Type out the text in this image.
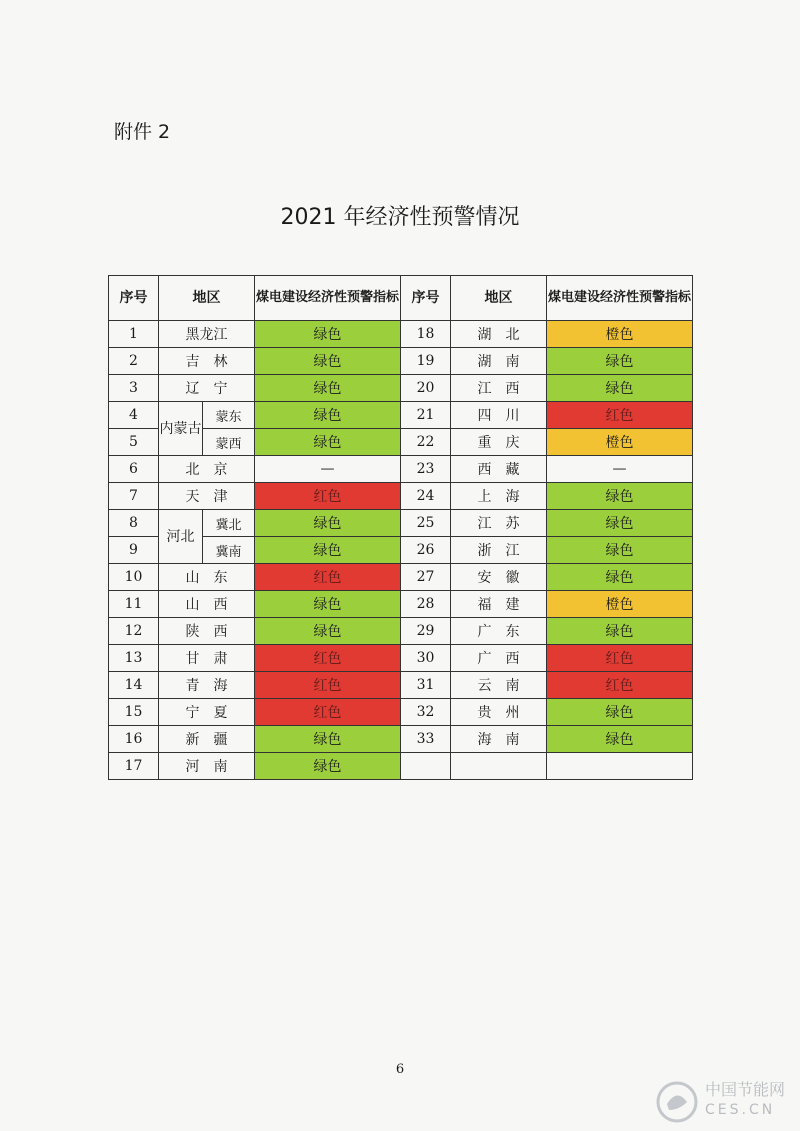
附件 2
2021 年经济性预警情况
序号	地区		煤电建设经济性预警指标	序号	地区	煤电建设经济性预警指标
1	黑龙江		绿色	18	湖　北	橙色
2	吉　林		绿色	19	湖　南	绿色
3	辽　宁		绿色	20	江　西	绿色
4	内蒙古	蒙东	绿色	21	四　川	红色
5		蒙西	绿色	22	重　庆	橙色
6	北　京		—	23	西　藏	—
7	天　津		红色	24	上　海	绿色
8	河北	冀北	绿色	25	江　苏	绿色
9		冀南	绿色	26	浙　江	绿色
10	山　东		红色	27	安　徽	绿色
11	山　西		绿色	28	福　建	橙色
12	陕　西		绿色	29	广　东	绿色
13	甘　肃		红色	30	广　西	红色
14	青　海		红色	31	云　南	红色
15	宁　夏		红色	32	贵　州	绿色
16	新　疆		绿色	33	海　南	绿色
17	河　南		绿色			
6
中国节能网
CES.CN
